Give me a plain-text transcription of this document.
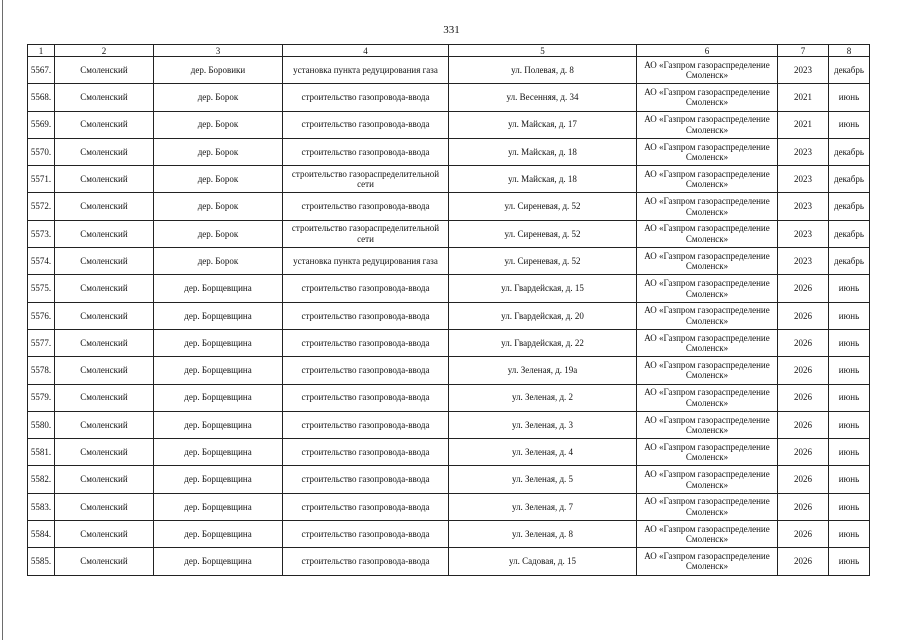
331
1	2	3	4	5	6	7	8
5567.	Смоленский	дер. Боровики	установка пункта редуцирования газа	ул. Полевая, д. 8	АО «Газпром газораспределение Смоленск»	2023	декабрь
5568.	Смоленский	дер. Борок	строительство газопровода-ввода	ул. Весенняя, д. 34	АО «Газпром газораспределение Смоленск»	2021	июнь
5569.	Смоленский	дер. Борок	строительство газопровода-ввода	ул. Майская, д. 17	АО «Газпром газораспределение Смоленск»	2021	июнь
5570.	Смоленский	дер. Борок	строительство газопровода-ввода	ул. Майская, д. 18	АО «Газпром газораспределение Смоленск»	2023	декабрь
5571.	Смоленский	дер. Борок	строительство газораспределительной сети	ул. Майская, д. 18	АО «Газпром газораспределение Смоленск»	2023	декабрь
5572.	Смоленский	дер. Борок	строительство газопровода-ввода	ул. Сиреневая, д. 52	АО «Газпром газораспределение Смоленск»	2023	декабрь
5573.	Смоленский	дер. Борок	строительство газораспределительной сети	ул. Сиреневая, д. 52	АО «Газпром газораспределение Смоленск»	2023	декабрь
5574.	Смоленский	дер. Борок	установка пункта редуцирования газа	ул. Сиреневая, д. 52	АО «Газпром газораспределение Смоленск»	2023	декабрь
5575.	Смоленский	дер. Борщевщина	строительство газопровода-ввода	ул. Гвардейская, д. 15	АО «Газпром газораспределение Смоленск»	2026	июнь
5576.	Смоленский	дер. Борщевщина	строительство газопровода-ввода	ул. Гвардейская, д. 20	АО «Газпром газораспределение Смоленск»	2026	июнь
5577.	Смоленский	дер. Борщевщина	строительство газопровода-ввода	ул. Гвардейская, д. 22	АО «Газпром газораспределение Смоленск»	2026	июнь
5578.	Смоленский	дер. Борщевщина	строительство газопровода-ввода	ул. Зеленая, д. 19а	АО «Газпром газораспределение Смоленск»	2026	июнь
5579.	Смоленский	дер. Борщевщина	строительство газопровода-ввода	ул. Зеленая, д. 2	АО «Газпром газораспределение Смоленск»	2026	июнь
5580.	Смоленский	дер. Борщевщина	строительство газопровода-ввода	ул. Зеленая, д. 3	АО «Газпром газораспределение Смоленск»	2026	июнь
5581.	Смоленский	дер. Борщевщина	строительство газопровода-ввода	ул. Зеленая, д. 4	АО «Газпром газораспределение Смоленск»	2026	июнь
5582.	Смоленский	дер. Борщевщина	строительство газопровода-ввода	ул. Зеленая, д. 5	АО «Газпром газораспределение Смоленск»	2026	июнь
5583.	Смоленский	дер. Борщевщина	строительство газопровода-ввода	ул. Зеленая, д. 7	АО «Газпром газораспределение Смоленск»	2026	июнь
5584.	Смоленский	дер. Борщевщина	строительство газопровода-ввода	ул. Зеленая, д. 8	АО «Газпром газораспределение Смоленск»	2026	июнь
5585.	Смоленский	дер. Борщевщина	строительство газопровода-ввода	ул. Садовая, д. 15	АО «Газпром газораспределение Смоленск»	2026	июнь
